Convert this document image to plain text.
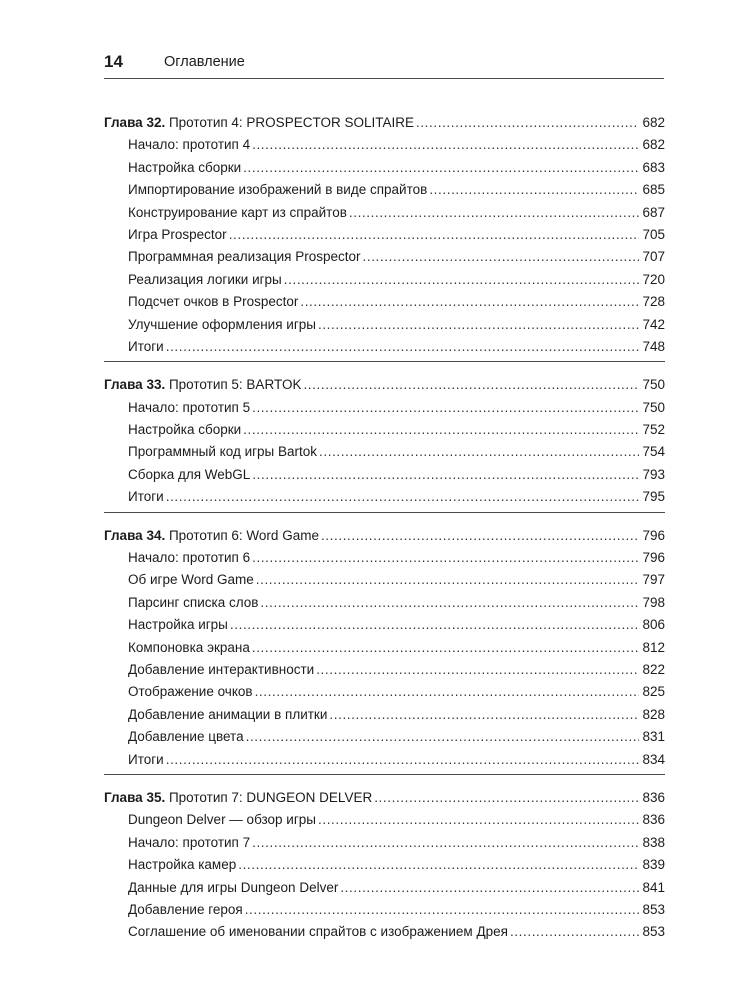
14	Оглавление
Глава 32. Прототип 4: PROSPECTOR SOLITAIRE .....	682
Начало: прототип 4 .....	682
Настройка сборки .....	683
Импортирование изображений в виде спрайтов .....	685
Конструирование карт из спрайтов .....	687
Игра Prospector .....	705
Программная реализация Prospector .....	707
Реализация логики игры .....	720
Подсчет очков в Prospector .....	728
Улучшение оформления игры .....	742
Итоги .....	748
Глава 33. Прототип 5: BARTOK .....	750
Начало: прототип 5 .....	750
Настройка сборки .....	752
Программный код игры Bartok .....	754
Сборка для WebGL .....	793
Итоги .....	795
Глава 34. Прототип 6: Word Game .....	796
Начало: прототип 6 .....	796
Об игре Word Game .....	797
Парсинг списка слов .....	798
Настройка игры .....	806
Компоновка экрана .....	812
Добавление интерактивности .....	822
Отображение очков .....	825
Добавление анимации в плитки .....	828
Добавление цвета .....	831
Итоги .....	834
Глава 35. Прототип 7: DUNGEON DELVER .....	836
Dungeon Delver — обзор игры .....	836
Начало: прототип 7 .....	838
Настройка камер .....	839
Данные для игры Dungeon Delver .....	841
Добавление героя .....	853
Соглашение об именовании спрайтов с изображением Дрея .....	853
